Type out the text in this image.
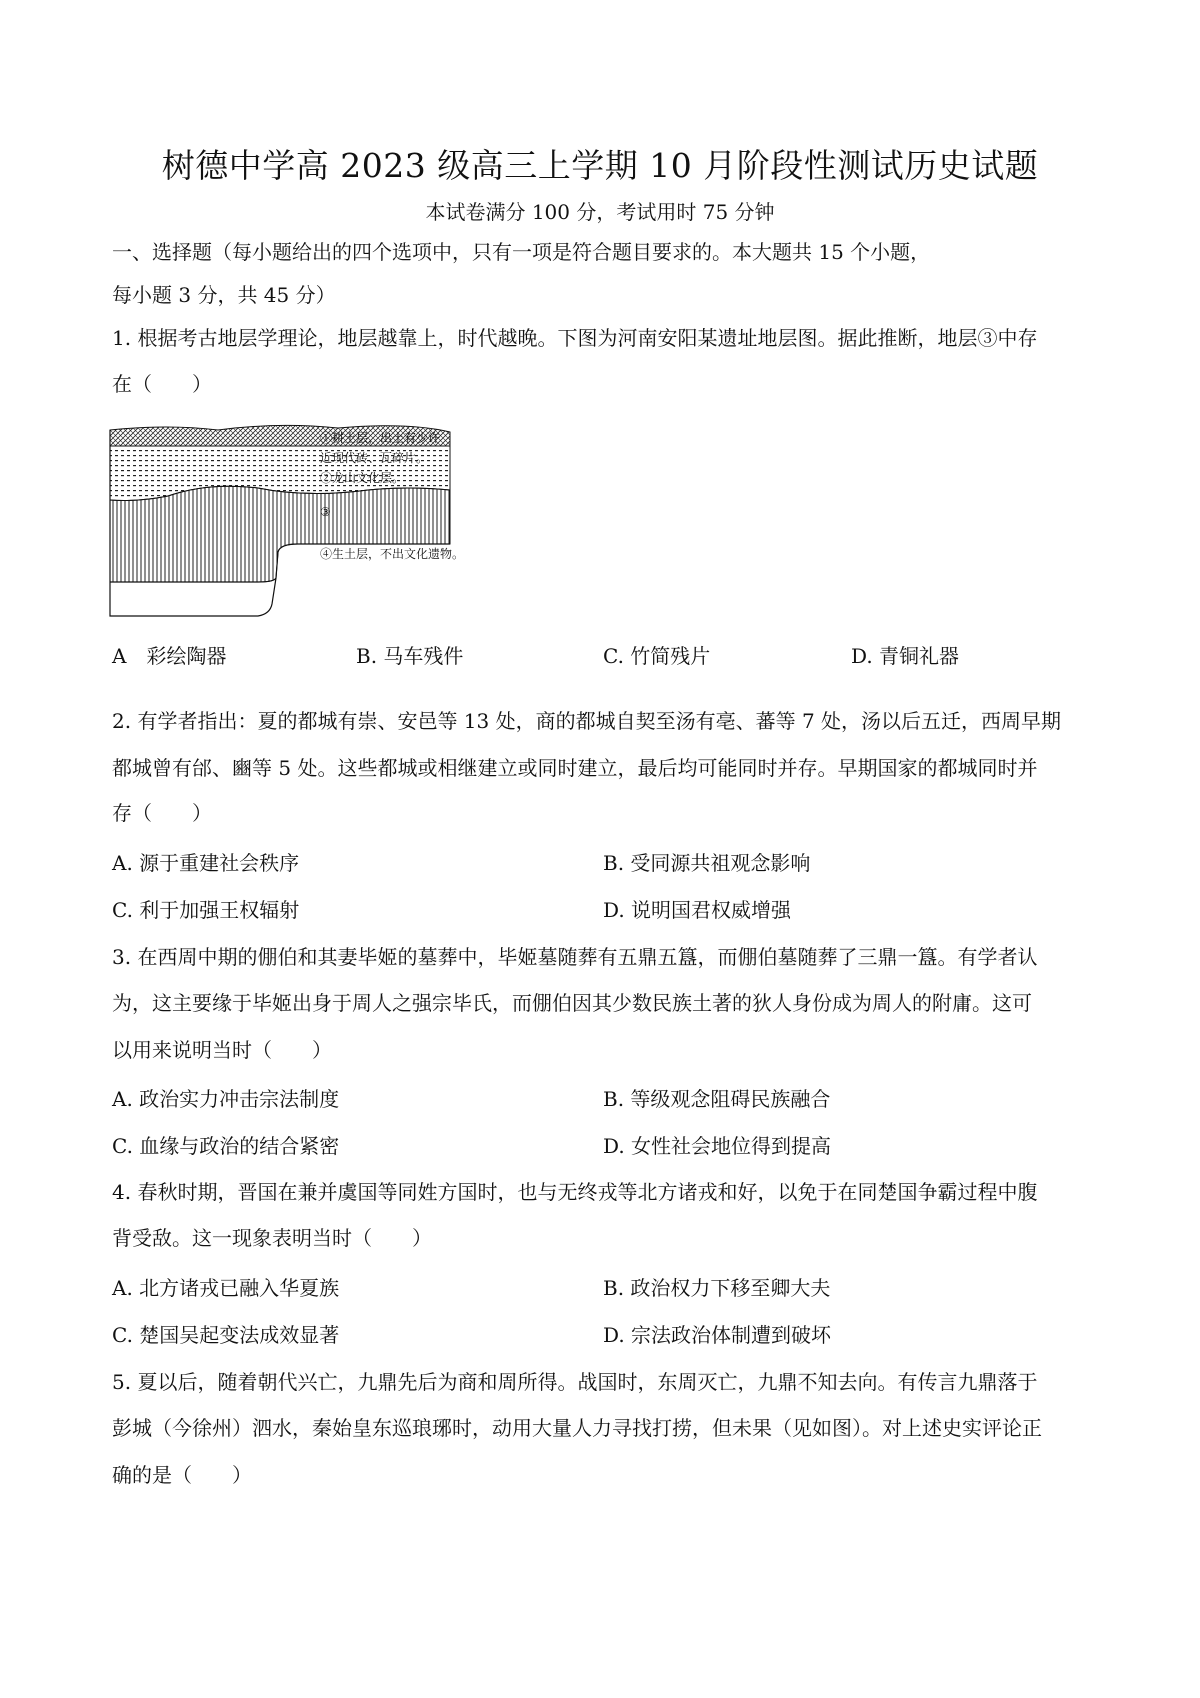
树德中学高 2023 级高三上学期 10 月阶段性测试历史试题
本试卷满分 100 分，考试用时 75 分钟
一、选择题（每小题给出的四个选项中，只有一项是符合题目要求的。本大题共 15 个小题，
每小题 3 分，共 45 分）
1. 根据考古地层学理论，地层越靠上，时代越晚。下图为河南安阳某遗址地层图。据此推断，地层③中存
在（　　）
①耕土层，出土有少许
近现代砖、瓦碎片。
②龙山文化层。
③
④生土层，不出文化遗物。
A　彩绘陶器	B. 马车残件	C. 竹简残片	D. 青铜礼器
2. 有学者指出：夏的都城有崇、安邑等 13 处，商的都城自契至汤有亳、蕃等 7 处，汤以后五迁，西周早期
都城曾有邰、豳等 5 处。这些都城或相继建立或同时建立，最后均可能同时并存。早期国家的都城同时并
存（　　）
A. 源于重建社会秩序	B. 受同源共祖观念影响
C. 利于加强王权辐射	D. 说明国君权威增强
3. 在西周中期的倗伯和其妻毕姬的墓葬中，毕姬墓随葬有五鼎五簋，而倗伯墓随葬了三鼎一簋。有学者认
为，这主要缘于毕姬出身于周人之强宗毕氏，而倗伯因其少数民族土著的狄人身份成为周人的附庸。这可
以用来说明当时（　　）
A. 政治实力冲击宗法制度	B. 等级观念阻碍民族融合
C. 血缘与政治的结合紧密	D. 女性社会地位得到提高
4. 春秋时期，晋国在兼并虞国等同姓方国时，也与无终戎等北方诸戎和好，以免于在同楚国争霸过程中腹
背受敌。这一现象表明当时（　　）
A. 北方诸戎已融入华夏族	B. 政治权力下移至卿大夫
C. 楚国吴起变法成效显著	D. 宗法政治体制遭到破坏
5. 夏以后，随着朝代兴亡，九鼎先后为商和周所得。战国时，东周灭亡，九鼎不知去向。有传言九鼎落于
彭城（今徐州）泗水，秦始皇东巡琅琊时，动用大量人力寻找打捞，但未果（见如图）。对上述史实评论正
确的是（　　）
